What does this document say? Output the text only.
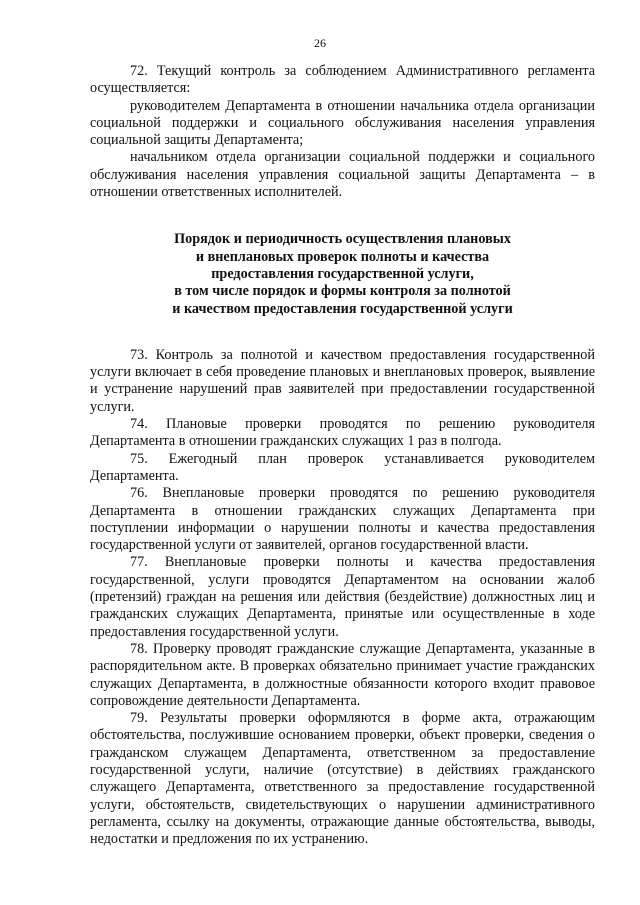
26

72. Текущий контроль за соблюдением Административного регламента осуществляется:

руководителем Департамента в отношении начальника отдела организации социальной поддержки и социального обслуживания населения управления социальной защиты Департамента;

начальником отдела организации социальной поддержки и социального обслуживания населения управления социальной защиты Департамента – в отношении ответственных исполнителей.

Порядок и периодичность осуществления плановых
и внеплановых проверок полноты и качества
предоставления государственной услуги,
в том числе порядок и формы контроля за полнотой
и качеством предоставления государственной услуги

73. Контроль за полнотой и качеством предоставления государственной услуги включает в себя проведение плановых и внеплановых проверок, выявление и устранение нарушений прав заявителей при предоставлении государственной услуги.

74. Плановые проверки проводятся по решению руководителя Департамента в отношении гражданских служащих 1 раз в полгода.

75. Ежегодный план проверок устанавливается руководителем Департамента.

76. Внеплановые проверки проводятся по решению руководителя Департамента в отношении гражданских служащих Департамента при поступлении информации о нарушении полноты и качества предоставления государственной услуги от заявителей, органов государственной власти.

77. Внеплановые проверки полноты и качества предоставления государственной, услуги проводятся Департаментом на основании жалоб (претензий) граждан на решения или действия (бездействие) должностных лиц и гражданских служащих Департамента, принятые или осуществленные в ходе предоставления государственной услуги.

78. Проверку проводят гражданские служащие Департамента, указанные в распорядительном акте. В проверках обязательно принимает участие гражданских служащих Департамента, в должностные обязанности которого входит правовое сопровождение деятельности Департамента.

79. Результаты проверки оформляются в форме акта, отражающим обстоятельства, послужившие основанием проверки, объект проверки, сведения о гражданском служащем Департамента, ответственном за предоставление государственной услуги, наличие (отсутствие) в действиях гражданского служащего Департамента, ответственного за предоставление государственной услуги, обстоятельств, свидетельствующих о нарушении административного регламента, ссылку на документы, отражающие данные обстоятельства, выводы, недостатки и предложения по их устранению.
